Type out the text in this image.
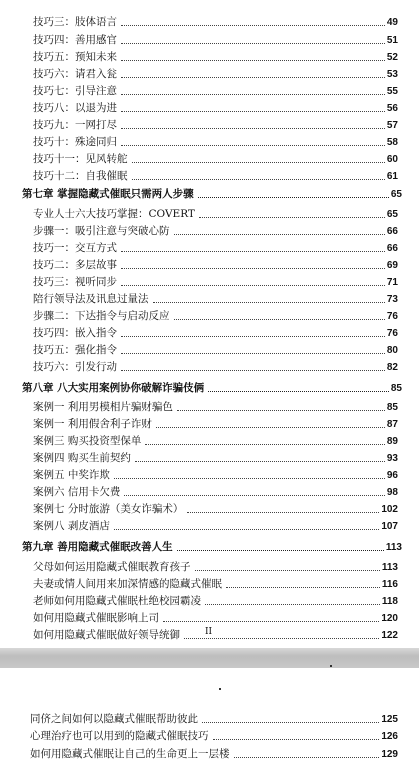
技巧三：肢体语言	49
技巧四：善用感官	51
技巧五：预知未来	52
技巧六：请君入瓮	53
技巧七：引导注意	55
技巧八：以退为进	56
技巧九：一网打尽	57
技巧十：殊途同归	58
技巧十一：见风转舵	60
技巧十二：自我催眠	61
第七章 掌握隐藏式催眠只需两人步骤	65
专业人士六大技巧掌握：COVERT	65
步骤一：吸引注意与突破心防	66
技巧一：交互方式	66
技巧二：多层故事	69
技巧三：视听同步	71
陪行领导法及讯息过量法	73
步骤二：下达指令与启动反应	76
技巧四：嵌入指令	76
技巧五：强化指令	80
技巧六：引发行动	82
第八章 八大实用案例协你破解诈骗伎俩	85
案例一 利用男模相片骗财骗色	85
案例一 利用假舍利子诈财	87
案例三 购买投资型保单	89
案例四 购买生前契约	93
案例五 中奖诈欺	96
案例六 信用卡欠费	98
案例七 分时旅游（美女诈骗术）	102
案例八 剥皮酒店	107
第九章 善用隐藏式催眠改善人生	113
父母如何运用隐藏式催眠教育孩子	113
夫妻或情人间用来加深情感的隐藏式催眠	116
老师如何用隐藏式催眠杜绝校园霸凌	118
如何用隐藏式催眠影响上司	120
如何用隐藏式催眠做好领导统御	122
II
同侪之间如何以隐藏式催眠帮助彼此	125
心理治疗也可以用到的隐藏式催眠技巧	126
如何用隐藏式催眠让自己的生命更上一层楼	129
